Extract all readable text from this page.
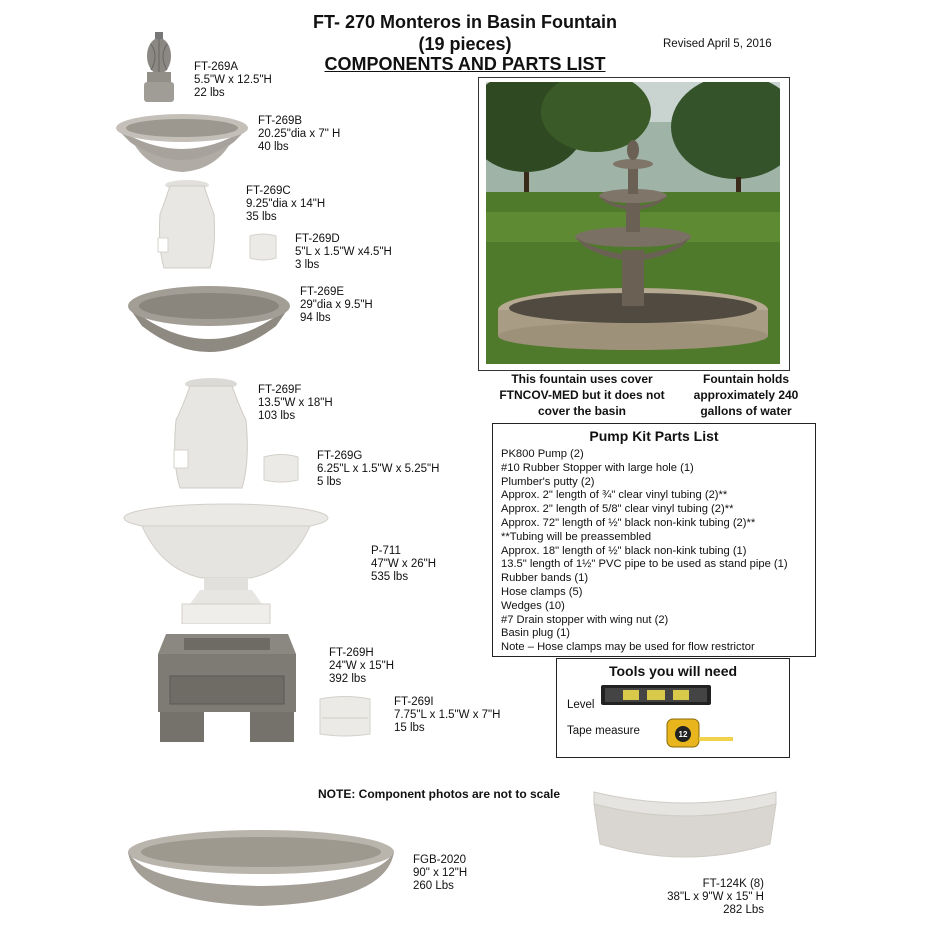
FT- 270 Monteros in Basin Fountain
(19 pieces)
COMPONENTS AND PARTS LIST
Revised April 5, 2016
FT-269A
5.5"W x 12.5"H
22 lbs
FT-269B
20.25"dia x 7" H
40 lbs
FT-269C
9.25"dia x 14"H
35 lbs
FT-269D
5"L x 1.5"W x4.5"H
3 lbs
FT-269E
29"dia x 9.5"H
94 lbs
FT-269F
13.5"W x 18"H
103 lbs
FT-269G
6.25"L x 1.5"W x 5.25"H
5 lbs
P-711
47"W x 26"H
535 lbs
FT-269H
24"W x 15"H
392 lbs
FT-269I
7.75"L x 1.5"W x 7"H
15 lbs
This fountain uses cover
FTNCOV-MED but it does not
cover the basin
Fountain holds
approximately 240
gallons of water
Pump Kit Parts List
PK800 Pump (2)
#10 Rubber Stopper with large hole (1)
Plumber's putty (2)
Approx. 2" length of ¾" clear vinyl tubing (2)**
Approx. 2" length of 5/8" clear vinyl tubing (2)**
Approx. 72" length of ½" black non-kink tubing (2)**
**Tubing will be preassembled
Approx. 18" length of ½" black non-kink tubing (1)
13.5" length of 1½" PVC pipe to be used as stand pipe (1)
Rubber bands (1)
Hose clamps (5)
Wedges (10)
#7 Drain stopper with wing nut (2)
Basin plug (1)
Note – Hose clamps may be used for flow restrictor
Tools you will need
Level
Tape measure	12
NOTE: Component photos are not to scale
FGB-2020
90" x 12"H
260 Lbs	FT-124K (8)
38"L x 9"W x 15" H
282 Lbs
